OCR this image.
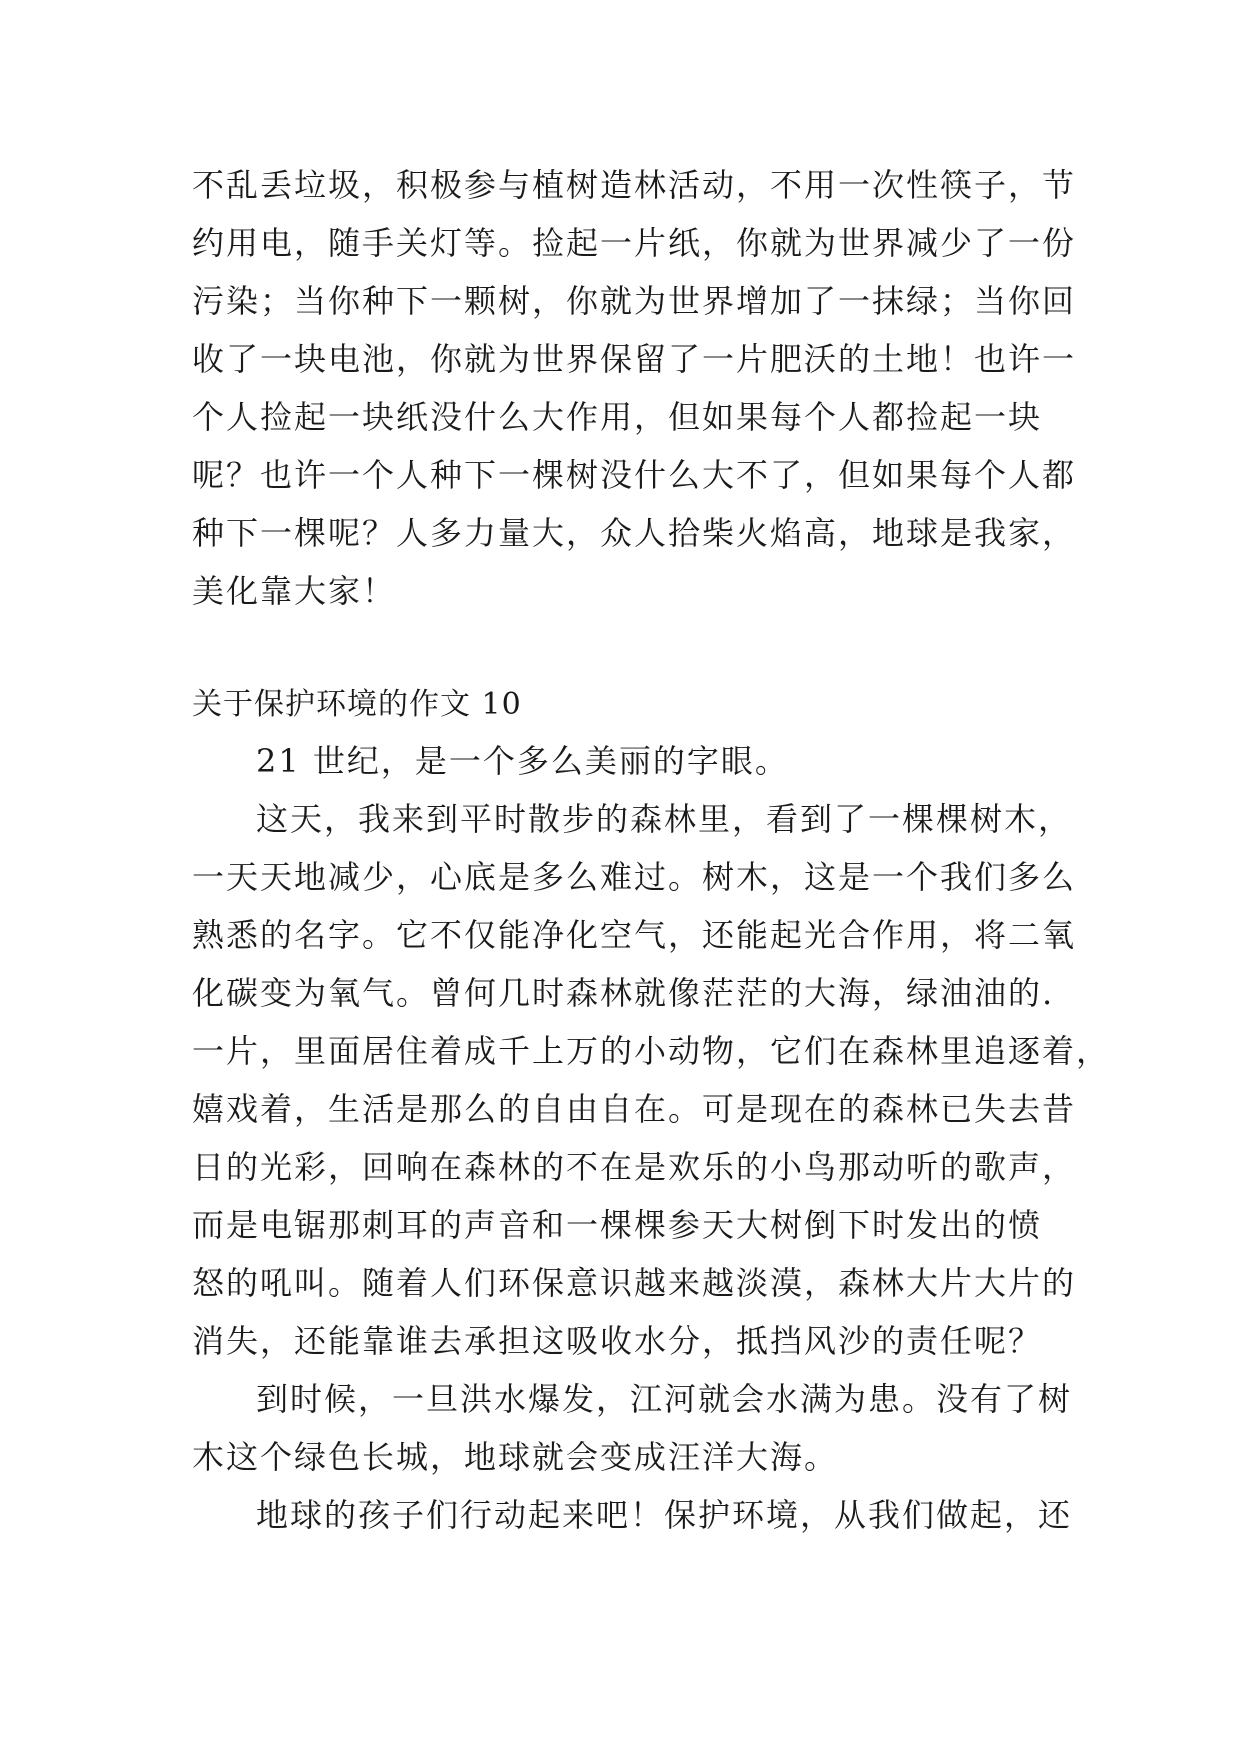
不乱丢垃圾，积极参与植树造林活动，不用一次性筷子，节
约用电，随手关灯等。捡起一片纸，你就为世界减少了一份
污染；当你种下一颗树，你就为世界增加了一抹绿；当你回
收了一块电池，你就为世界保留了一片肥沃的土地！也许一
个人捡起一块纸没什么大作用，但如果每个人都捡起一块
呢？也许一个人种下一棵树没什么大不了，但如果每个人都
种下一棵呢？人多力量大，众人拾柴火焰高，地球是我家，
美化靠大家！
关于保护环境的作文 10
21 世纪，是一个多么美丽的字眼。
这天，我来到平时散步的森林里，看到了一棵棵树木，
一天天地减少，心底是多么难过。树木，这是一个我们多么
熟悉的名字。它不仅能净化空气，还能起光合作用，将二氧
化碳变为氧气。曾何几时森林就像茫茫的大海，绿油油的.
一片，里面居住着成千上万的小动物，它们在森林里追逐着，
嬉戏着，生活是那么的自由自在。可是现在的森林已失去昔
日的光彩，回响在森林的不在是欢乐的小鸟那动听的歌声，
而是电锯那刺耳的声音和一棵棵参天大树倒下时发出的愤
怒的吼叫。随着人们环保意识越来越淡漠，森林大片大片的
消失，还能靠谁去承担这吸收水分，抵挡风沙的责任呢？
到时候，一旦洪水爆发，江河就会水满为患。没有了树
木这个绿色长城，地球就会变成汪洋大海。
地球的孩子们行动起来吧！保护环境，从我们做起，还
